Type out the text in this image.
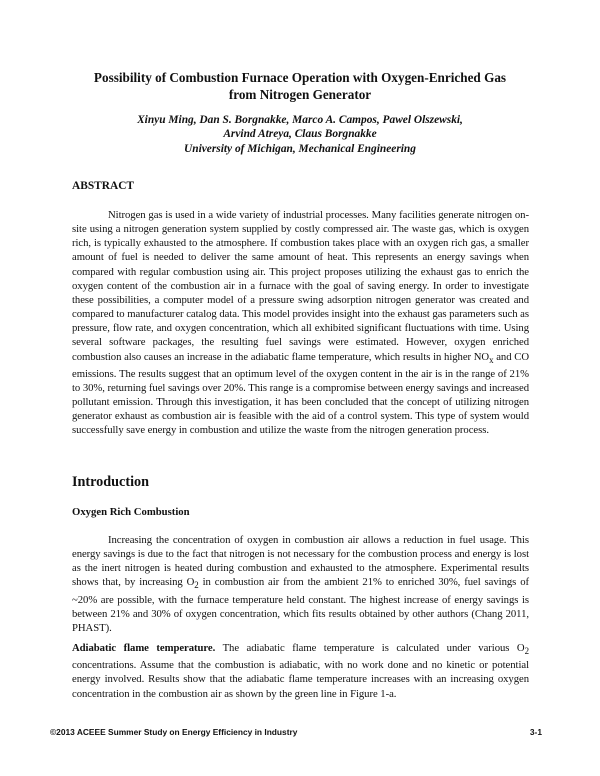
Possibility of Combustion Furnace Operation with Oxygen-Enriched Gas
from Nitrogen Generator
Xinyu Ming, Dan S. Borgnakke, Marco A. Campos, Pawel Olszewski,
Arvind Atreya, Claus Borgnakke
University of Michigan, Mechanical Engineering
ABSTRACT
Nitrogen gas is used in a wide variety of industrial processes. Many facilities generate nitrogen on-site using a nitrogen generation system supplied by costly compressed air. The waste gas, which is oxygen rich, is typically exhausted to the atmosphere. If combustion takes place with an oxygen rich gas, a smaller amount of fuel is needed to deliver the same amount of heat. This represents an energy savings when compared with regular combustion using air. This project proposes utilizing the exhaust gas to enrich the oxygen content of the combustion air in a furnace with the goal of saving energy. In order to investigate these possibilities, a computer model of a pressure swing adsorption nitrogen generator was created and compared to manufacturer catalog data. This model provides insight into the exhaust gas parameters such as pressure, flow rate, and oxygen concentration, which all exhibited significant fluctuations with time. Using several software packages, the resulting fuel savings were estimated. However, oxygen enriched combustion also causes an increase in the adiabatic flame temperature, which results in higher $NO_x$ and CO emissions. The results suggest that an optimum level of the oxygen content in the air is in the range of 21% to 30%, returning fuel savings over 20%. This range is a compromise between energy savings and increased pollutant emission. Through this investigation, it has been concluded that the concept of utilizing nitrogen generator exhaust as combustion air is feasible with the aid of a control system. This type of system would successfully save energy in combustion and utilize the waste from the nitrogen generation process.
Introduction
Oxygen Rich Combustion
Increasing the concentration of oxygen in combustion air allows a reduction in fuel usage. This energy savings is due to the fact that nitrogen is not necessary for the combustion process and energy is lost as the inert nitrogen is heated during combustion and exhausted to the atmosphere. Experimental results shows that, by increasing $O_2$ in combustion air from the ambient 21% to enriched 30%, fuel savings of ~20% are possible, with the furnace temperature held constant. The highest increase of energy savings is between 21% and 30% of oxygen concentration, which fits results obtained by other authors (Chang 2011, PHAST).
Adiabatic flame temperature. The adiabatic flame temperature is calculated under various $O_2$ concentrations. Assume that the combustion is adiabatic, with no work done and no kinetic or potential energy involved. Results show that the adiabatic flame temperature increases with an increasing oxygen concentration in the combustion air as shown by the green line in Figure 1-a.
©2013 ACEEE Summer Study on Energy Efficiency in Industry	3-1
